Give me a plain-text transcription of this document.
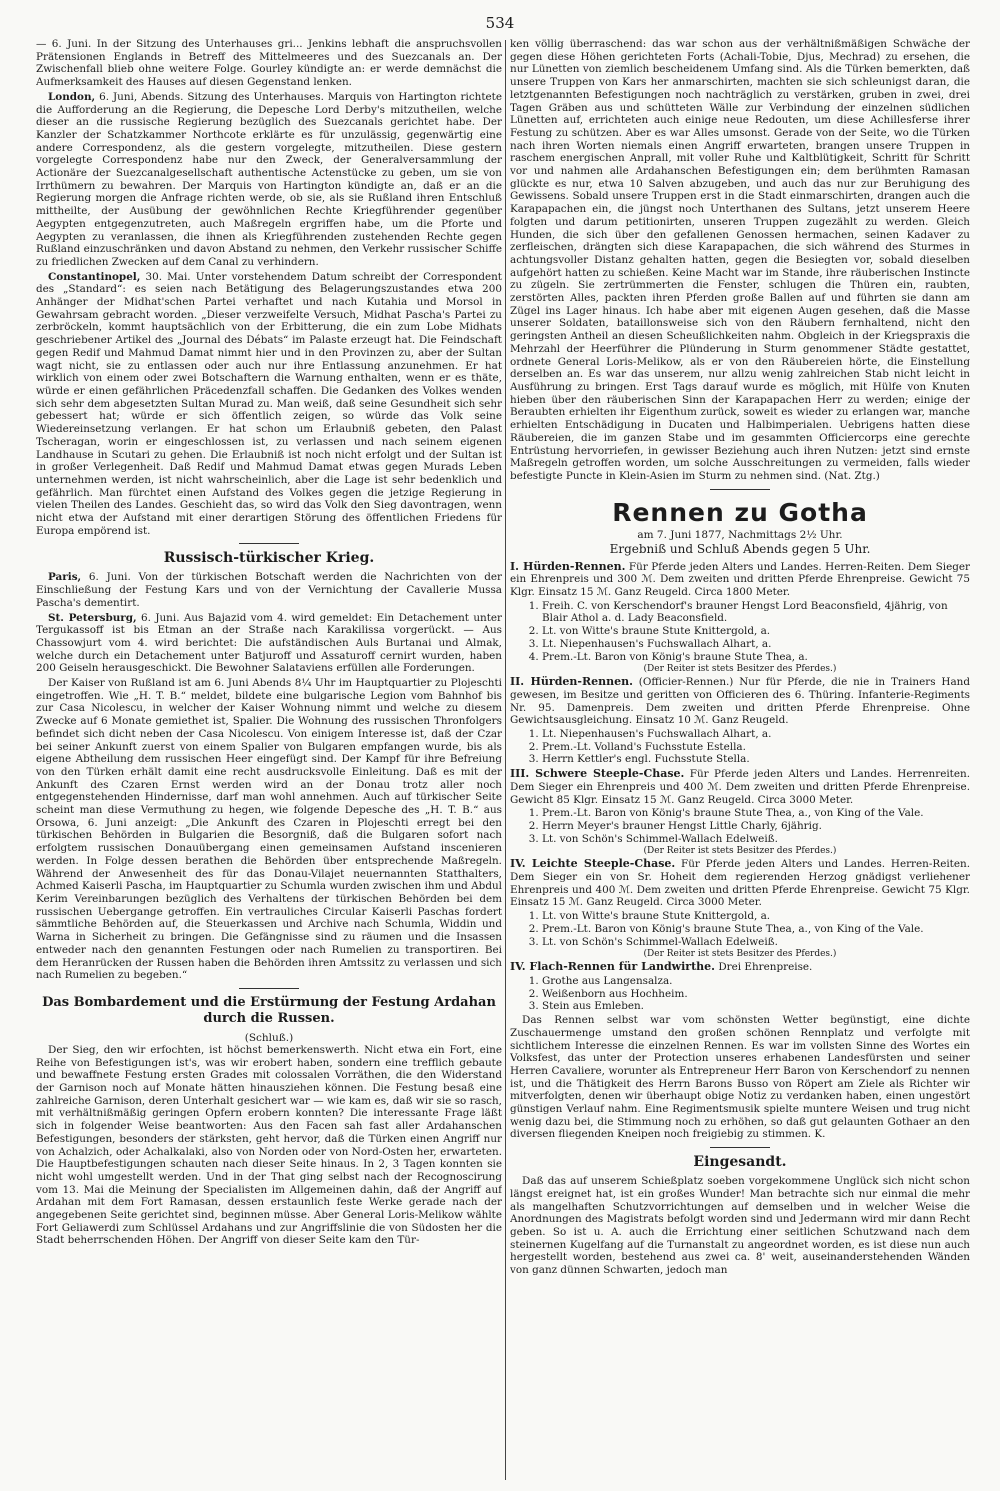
534

— 6. Juni. In der Sitzung des Unterhauses gri... Jenkins lebhaft die anspruchsvollen Prätensionen Englands in Betreff des Mittelmeeres und des Suezcanals an. Der Zwischenfall blieb ohne weitere Folge. Gourley kündigte an: er werde demnächst die Aufmerksamkeit des Hauses auf diesen Gegenstand lenken.

London, 6. Juni, Abends. Sitzung des Unterhauses. Marquis von Hartington richtete die Aufforderung an die Regierung, die Depesche Lord Derby's mitzutheilen, welche dieser an die russische Regierung bezüglich des Suezcanals gerichtet habe. Der Kanzler der Schatzkammer Northcote erklärte es für unzulässig, gegenwärtig eine andere Correspondenz, als die gestern vorgelegte, mitzutheilen. Diese gestern vorgelegte Correspondenz habe nur den Zweck, der Generalversammlung der Actionäre der Suezcanalgesellschaft authentische Actenstücke zu geben, um sie von Irrthümern zu bewahren. Der Marquis von Hartington kündigte an, daß er an die Regierung morgen die Anfrage richten werde, ob sie, als sie Rußland ihren Entschluß mittheilte, der Ausübung der gewöhnlichen Rechte Kriegführender gegenüber Aegypten entgegenzutreten, auch Maßregeln ergriffen habe, um die Pforte und Aegypten zu veranlassen, die ihnen als Kriegführenden zustehenden Rechte gegen Rußland einzuschränken und davon Abstand zu nehmen, den Verkehr russischer Schiffe zu friedlichen Zwecken auf dem Canal zu verhindern.

Constantinopel, 30. Mai. Unter vorstehendem Datum schreibt der Correspondent des „Standard“: es seien nach Betätigung des Belagerungszustandes etwa 200 Anhänger der Midhat'schen Partei verhaftet und nach Kutahia und Morsol in Gewahrsam gebracht worden. „Dieser verzweifelte Versuch, Midhat Pascha's Partei zu zerbröckeln, kommt hauptsächlich von der Erbitterung, die ein zum Lobe Midhats geschriebener Artikel des „Journal des Débats“ im Palaste erzeugt hat. Die Feindschaft gegen Redif und Mahmud Damat nimmt hier und in den Provinzen zu, aber der Sultan wagt nicht, sie zu entlassen oder auch nur ihre Entlassung anzunehmen. Er hat wirklich von einem oder zwei Botschaftern die Warnung enthalten, wenn er es thäte, würde er einen gefährlichen Präcedenzfall schaffen. Die Gedanken des Volkes wenden sich sehr dem abgesetzten Sultan Murad zu. Man weiß, daß seine Gesundheit sich sehr gebessert hat; würde er sich öffentlich zeigen, so würde das Volk seine Wiedereinsetzung verlangen. Er hat schon um Erlaubniß gebeten, den Palast Tscheragan, worin er eingeschlossen ist, zu verlassen und nach seinem eigenen Landhause in Scutari zu gehen. Die Erlaubniß ist noch nicht erfolgt und der Sultan ist in großer Verlegenheit. Daß Redif und Mahmud Damat etwas gegen Murads Leben unternehmen werden, ist nicht wahrscheinlich, aber die Lage ist sehr bedenklich und gefährlich. Man fürchtet einen Aufstand des Volkes gegen die jetzige Regierung in vielen Theilen des Landes. Geschieht das, so wird das Volk den Sieg davontragen, wenn nicht etwa der Aufstand mit einer derartigen Störung des öffentlichen Friedens für Europa empörend ist.

Russisch-türkischer Krieg.

Paris, 6. Juni. Von der türkischen Botschaft werden die Nachrichten von der Einschließung der Festung Kars und von der Vernichtung der Cavallerie Mussa Pascha's dementirt.

St. Petersburg, 6. Juni. Aus Bajazid vom 4. wird gemeldet: Ein Detachement unter Tergukassoff ist bis Etman an der Straße nach Karakilissa vorgerückt. — Aus Chassowjurt vom 4. wird berichtet: Die aufständischen Auls Burtanai und Almak, welche durch ein Detachement unter Batjuroff und Assaturoff cernirt wurden, haben 200 Geiseln herausgeschickt. Die Bewohner Salataviens erfüllen alle Forderungen.

Der Kaiser von Rußland ist am 6. Juni Abends 8¼ Uhr im Hauptquartier zu Plojeschti eingetroffen. Wie „H. T. B.“ meldet, bildete eine bulgarische Legion vom Bahnhof bis zur Casa Nicolescu, in welcher der Kaiser Wohnung nimmt und welche zu diesem Zwecke auf 6 Monate gemiethet ist, Spalier. Die Wohnung des russischen Thronfolgers befindet sich dicht neben der Casa Nicolescu. Von einigem Interesse ist, daß der Czar bei seiner Ankunft zuerst von einem Spalier von Bulgaren empfangen wurde, bis als eigene Abtheilung dem russischen Heer eingefügt sind. Der Kampf für ihre Befreiung von den Türken erhält damit eine recht ausdrucksvolle Einleitung. Daß es mit der Ankunft des Czaren Ernst werden wird an der Donau trotz aller noch entgegenstehenden Hindernisse, darf man wohl annehmen. Auch auf türkischer Seite scheint man diese Vermuthung zu hegen, wie folgende Depesche des „H. T. B.“ aus Orsowa, 6. Juni anzeigt: „Die Ankunft des Czaren in Plojeschti erregt bei den türkischen Behörden in Bulgarien die Besorgniß, daß die Bulgaren sofort nach erfolgtem russischen Donauübergang einen gemeinsamen Aufstand inscenieren werden. In Folge dessen berathen die Behörden über entsprechende Maßregeln. Während der Anwesenheit des für das Donau-Vilajet neuernannten Statthalters, Achmed Kaiserli Pascha, im Hauptquartier zu Schumla wurden zwischen ihm und Abdul Kerim Vereinbarungen bezüglich des Verhaltens der türkischen Behörden bei dem russischen Uebergange getroffen. Ein vertrauliches Circular Kaiserli Paschas fordert sämmtliche Behörden auf, die Steuerkassen und Archive nach Schumla, Widdin und Warna in Sicherheit zu bringen. Die Gefängnisse sind zu räumen und die Insassen entweder nach den genannten Festungen oder nach Rumelien zu transportiren. Bei dem Heranrücken der Russen haben die Behörden ihren Amtssitz zu verlassen und sich nach Rumelien zu begeben.“

Das Bombardement und die Erstürmung der Festung Ardahan durch die Russen.
(Schluß.)

Der Sieg, den wir erfochten, ist höchst bemerkenswerth. Nicht etwa ein Fort, eine Reihe von Befestigungen ist's, was wir erobert haben, sondern eine trefflich gebaute und bewaffnete Festung ersten Grades mit colossalen Vorräthen, die den Widerstand der Garnison noch auf Monate hätten hinausziehen können. Die Festung besaß eine zahlreiche Garnison, deren Unterhalt gesichert war — wie kam es, daß wir sie so rasch, mit verhältnißmäßig geringen Opfern erobern konnten? Die interessante Frage läßt sich in folgender Weise beantworten: Aus den Facen sah fast aller Ardahanschen Befestigungen, besonders der stärksten, geht hervor, daß die Türken einen Angriff nur von Achalzich, oder Achalkalaki, also von Norden oder von Nord-Osten her, erwarteten. Die Hauptbefestigungen schauten nach dieser Seite hinaus. In 2, 3 Tagen konnten sie nicht wohl umgestellt werden. Und in der That ging selbst nach der Recognoscirung vom 13. Mai die Meinung der Specialisten im Allgemeinen dahin, daß der Angriff auf Ardahan mit dem Fort Ramasan, dessen erstaunlich feste Werke gerade nach der angegebenen Seite gerichtet sind, beginnen müsse. Aber General Loris-Melikow wählte Fort Geliawerdi zum Schlüssel Ardahans und zur Angriffslinie die von Südosten her die Stadt beherrschenden Höhen. Der Angriff von dieser Seite kam den Tür-

ken völlig überraschend: das war schon aus der verhältnißmäßigen Schwäche der gegen diese Höhen gerichteten Forts (Achali-Tobie, Djus, Mechrad) zu ersehen, die nur Lünetten von ziemlich bescheidenem Umfang sind. Als die Türken bemerkten, daß unsere Truppen von Kars her anmarschirten, machten sie sich schleunigst daran, die letztgenannten Befestigungen noch nachträglich zu verstärken, gruben in zwei, drei Tagen Gräben aus und schütteten Wälle zur Verbindung der einzelnen südlichen Lünetten auf, errichteten auch einige neue Redouten, um diese Achillesferse ihrer Festung zu schützen. Aber es war Alles umsonst. Gerade von der Seite, wo die Türken nach ihren Worten niemals einen Angriff erwarteten, brangen unsere Truppen in raschem energischen Anprall, mit voller Ruhe und Kaltblütigkeit, Schritt für Schritt vor und nahmen alle Ardahanschen Befestigungen ein; dem berühmten Ramasan glückte es nur, etwa 10 Salven abzugeben, und auch das nur zur Beruhigung des Gewissens. Sobald unsere Truppen erst in die Stadt einmarschirten, drangen auch die Karapapachen ein, die jüngst noch Unterthanen des Sultans, jetzt unserem Heere folgten und darum petitionirten, unseren Truppen zugezählt zu werden. Gleich Hunden, die sich über den gefallenen Genossen hermachen, seinen Kadaver zu zerfleischen, drängten sich diese Karapapachen, die sich während des Sturmes in achtungsvoller Distanz gehalten hatten, gegen die Besiegten vor, sobald dieselben aufgehört hatten zu schießen. Keine Macht war im Stande, ihre räuberischen Instincte zu zügeln. Sie zertrümmerten die Fenster, schlugen die Thüren ein, raubten, zerstörten Alles, packten ihren Pferden große Ballen auf und führten sie dann am Zügel ins Lager hinaus. Ich habe aber mit eigenen Augen gesehen, daß die Masse unserer Soldaten, bataillonsweise sich von den Räubern fernhaltend, nicht den geringsten Antheil an diesen Scheußlichkeiten nahm. Obgleich in der Kriegspraxis die Mehrzahl der Heerführer die Plünderung in Sturm genommener Städte gestattet, ordnete General Loris-Melikow, als er von den Räubereien hörte, die Einstellung derselben an. Es war das unserem, nur allzu wenig zahlreichen Stab nicht leicht in Ausführung zu bringen. Erst Tags darauf wurde es möglich, mit Hülfe von Knuten hieben über den räuberischen Sinn der Karapapachen Herr zu werden; einige der Beraubten erhielten ihr Eigenthum zurück, soweit es wieder zu erlangen war, manche erhielten Entschädigung in Ducaten und Halbimperialen. Uebrigens hatten diese Räubereien, die im ganzen Stabe und im gesammten Officiercorps eine gerechte Entrüstung hervorriefen, in gewisser Beziehung auch ihren Nutzen: jetzt sind ernste Maßregeln getroffen worden, um solche Ausschreitungen zu vermeiden, falls wieder befestigte Puncte in Klein-Asien im Sturm zu nehmen sind. (Nat. Ztg.)

Rennen zu Gotha
am 7. Juni 1877, Nachmittags 2½ Uhr.
Ergebniß und Schluß Abends gegen 5 Uhr.
I. Hürden-Rennen. Für Pferde jeden Alters und Landes. Herren-Reiten. Dem Sieger ein Ehrenpreis und 300 ℳ. Dem zweiten und dritten Pferde Ehrenpreise. Gewicht 75 Klgr. Einsatz 15 ℳ. Ganz Reugeld. Circa 1800 Meter.
1. Freih. C. von Kerschendorf's brauner Hengst Lord Beaconsfield, 4jährig, von Blair Athol a. d. Lady Beaconsfield.
2. Lt. von Witte's braune Stute Knittergold, a.
3. Lt. Niepenhausen's Fuchswallach Alhart, a.
4. Prem.-Lt. Baron von König's braune Stute Thea, a.
(Der Reiter ist stets Besitzer des Pferdes.)
II. Hürden-Rennen. (Officier-Rennen.) Nur für Pferde, die nie in Trainers Hand gewesen, im Besitze und geritten von Officieren des 6. Thüring. Infanterie-Regiments Nr. 95. Damenpreis. Dem zweiten und dritten Pferde Ehrenpreise. Ohne Gewichtsausgleichung. Einsatz 10 ℳ. Ganz Reugeld.
1. Lt. Niepenhausen's Fuchswallach Alhart, a.
2. Prem.-Lt. Volland's Fuchsstute Estella.
3. Herrn Kettler's engl. Fuchsstute Stella.
III. Schwere Steeple-Chase. Für Pferde jeden Alters und Landes. Herrenreiten. Dem Sieger ein Ehrenpreis und 400 ℳ. Dem zweiten und dritten Pferde Ehrenpreise. Gewicht 85 Klgr. Einsatz 15 ℳ. Ganz Reugeld. Circa 3000 Meter.
1. Prem.-Lt. Baron von König's braune Stute Thea, a., von King of the Vale.
2. Herrn Meyer's brauner Hengst Little Charly, 6jährig.
3. Lt. von Schön's Schimmel-Wallach Edelweiß.
(Der Reiter ist stets Besitzer des Pferdes.)
IV. Leichte Steeple-Chase. Für Pferde jeden Alters und Landes. Herren-Reiten. Dem Sieger ein von Sr. Hoheit dem regierenden Herzog gnädigst verliehener Ehrenpreis und 400 ℳ. Dem zweiten und dritten Pferde Ehrenpreise. Gewicht 75 Klgr. Einsatz 15 ℳ. Ganz Reugeld. Circa 3000 Meter.
1. Lt. von Witte's braune Stute Knittergold, a.
2. Prem.-Lt. Baron von König's braune Stute Thea, a., von King of the Vale.
3. Lt. von Schön's Schimmel-Wallach Edelweiß.
(Der Reiter ist stets Besitzer des Pferdes.)
IV. Flach-Rennen für Landwirthe. Drei Ehrenpreise.
1. Grothe aus Langensalza.
2. Weißenborn aus Hochheim.
3. Stein aus Emleben.

Das Rennen selbst war vom schönsten Wetter begünstigt, eine dichte Zuschauermenge umstand den großen schönen Rennplatz und verfolgte mit sichtlichem Interesse die einzelnen Rennen. Es war im vollsten Sinne des Wortes ein Volksfest, das unter der Protection unseres erhabenen Landesfürsten und seiner Herren Cavaliere, worunter als Entrepreneur Herr Baron von Kerschendorf zu nennen ist, und die Thätigkeit des Herrn Barons Busso von Röpert am Ziele als Richter wir mitverfolgten, denen wir überhaupt obige Notiz zu verdanken haben, einen ungestört günstigen Verlauf nahm. Eine Regimentsmusik spielte muntere Weisen und trug nicht wenig dazu bei, die Stimmung noch zu erhöhen, so daß gut gelaunten Gothaer an den diversen fliegenden Kneipen noch freigiebig zu stimmen. K.

Eingesandt.

Daß das auf unserem Schießplatz soeben vorgekommene Unglück sich nicht schon längst ereignet hat, ist ein großes Wunder! Man betrachte sich nur einmal die mehr als mangelhaften Schutzvorrichtungen auf demselben und in welcher Weise die Anordnungen des Magistrats befolgt worden sind und Jedermann wird mir dann Recht geben. So ist u. A. auch die Errichtung einer seitlichen Schutzwand nach dem steinernen Kugelfang auf die Turnanstalt zu angeordnet worden, es ist diese nun auch hergestellt worden, bestehend aus zwei ca. 8' weit, auseinanderstehenden Wänden von ganz dünnen Schwarten, jedoch man
